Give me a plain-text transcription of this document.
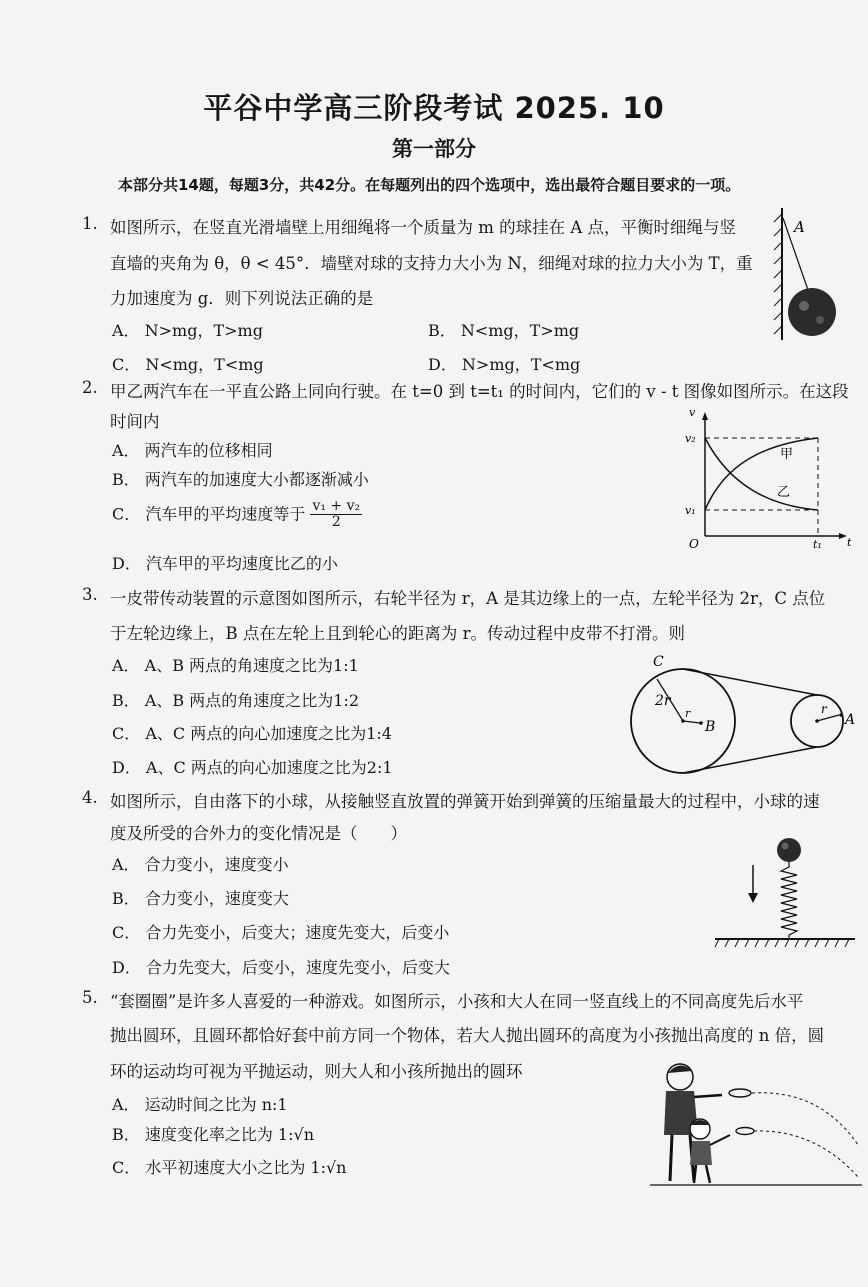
平谷中学高三阶段考试 2025. 10
第一部分
本部分共14题，每题3分，共42分。在每题列出的四个选项中，选出最符合题目要求的一项。
1. 如图所示，在竖直光滑墙壁上用细绳将一个质量为 m 的球挂在 A 点，平衡时细绳与竖
直墙的夹角为 θ，θ < 45°．墙壁对球的支持力大小为 N，细绳对球的拉力大小为 T，重
力加速度为 g．则下列说法正确的是
A． N>mg，T>mg	B． N<mg，T>mg
C． N<mg，T<mg	D． N>mg，T<mg
A
2. 甲乙两汽车在一平直公路上同向行驶。在 t=0 到 t=t₁ 的时间内，它们的 v - t 图像如图所示。在这段
时间内
A． 两汽车的位移相同
B． 两汽车的加速度大小都逐渐减小
C． 汽车甲的平均速度等于 $\frac{\text{v₁ + v₂}}{2}$
D． 汽车甲的平均速度比乙的小
v
t
O
v₂
v₁
t₁
甲
乙
3. 一皮带传动装置的示意图如图所示，右轮半径为 r，A 是其边缘上的一点，左轮半径为 2r，C 点位
于左轮边缘上，B 点在左轮上且到轮心的距离为 r。传动过程中皮带不打滑。则
A． A、B 两点的角速度之比为1:1
B． A、B 两点的角速度之比为1:2
C． A、C 两点的向心加速度之比为1:4
D． A、C 两点的向心加速度之比为2:1
C
2r
r
B
r
A
4. 如图所示，自由落下的小球，从接触竖直放置的弹簧开始到弹簧的压缩量最大的过程中，小球的速
度及所受的合外力的变化情况是（　　）
A． 合力变小，速度变小
B． 合力变小，速度变大
C． 合力先变小，后变大；速度先变大，后变小
D． 合力先变大，后变小，速度先变小，后变大
5. “套圈圈”是许多人喜爱的一种游戏。如图所示，小孩和大人在同一竖直线上的不同高度先后水平
抛出圆环，且圆环都恰好套中前方同一个物体，若大人抛出圆环的高度为小孩抛出高度的 n 倍，圆
环的运动均可视为平抛运动，则大人和小孩所抛出的圆环
A． 运动时间之比为 n:1
B． 速度变化率之比为 1:√n
C． 水平初速度大小之比为 1:√n
